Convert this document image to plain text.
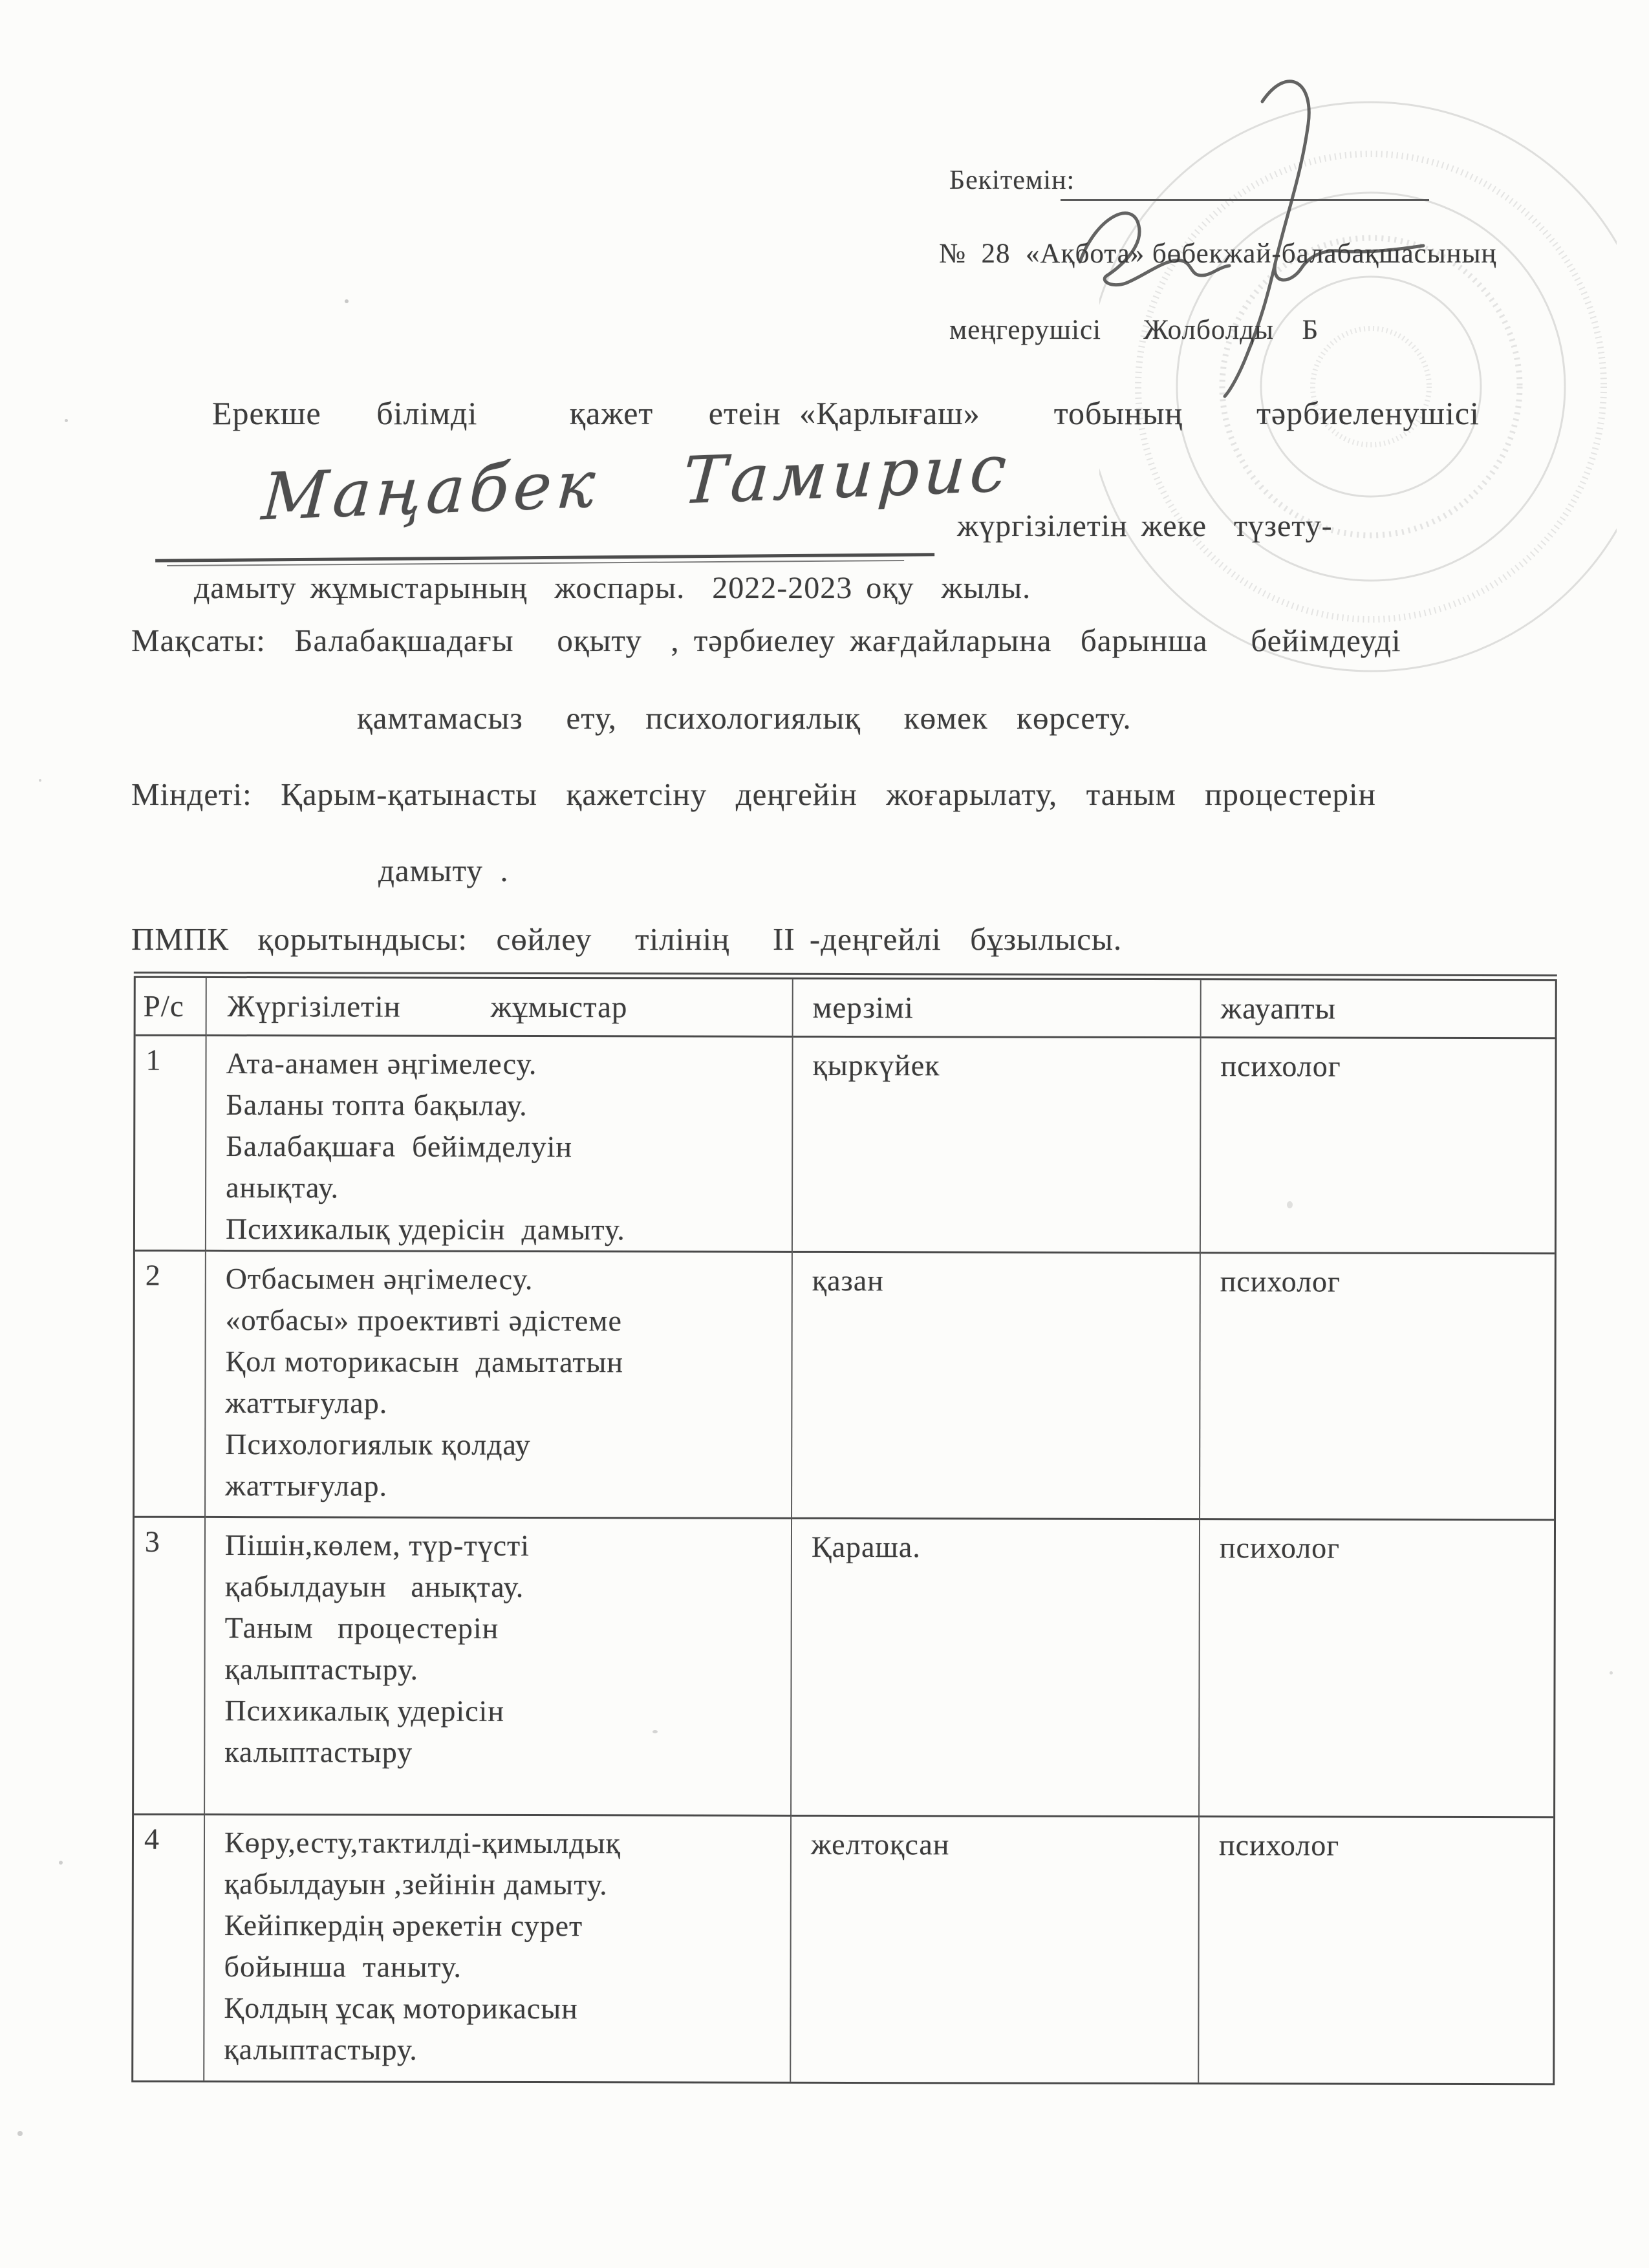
Бекітемін:
№  28  «Ақбота» бөбекжай-балабақшасының
меңгерушісі   Жолболды  Б
Ерекше   білімді     қажет   етеін «Қарлығаш»    тобының    тәрбиеленушісі
Маңабек  Тамирис
жүргізілетін жеке  түзету-
дамыту жұмыстарының  жоспары.  2022-2023 оқу  жылы.
Мақсаты:  Балабақшадағы   оқыту  , тәрбиелеу жағдайларына  барынша   бейімдеуді
қамтамасыз   ету,  психологиялық   көмек  көрсету.
Міндеті:  Қарым-қатынасты  қажетсіну  деңгейін  жоғарылату,  таным  процестерін
дамыту  .
ПМПК  қорытындысы:  сөйлеу   тілінің   II -деңгейлі  бұзылысы.
Р/с	Жүргізілетін    жұмыстар	мерзімі	жауапты
1	Ата-анамен әңгімелесу.
Баланы топта бақылау.
Балабақшаға  бейімделуін
анықтау.
Психикалық удерісін  дамыту.
қыркүйек	психолог
2	Отбасымен әңгімелесу.
«отбасы» проективті әдістеме
Қол моторикасын  дамытатын
жаттығулар.
Психологиялык қолдау
жаттығулар.
қазан	психолог
3	Пішін,көлем, түр-түсті
қабылдауын   анықтау.
Таным   процестерін
қалыптастыру.
Психикалық удерісін
калыптастыру
Қараша.	психолог
4	Көру,есту,тактилді-қимылдық
қабылдауын ,зейінін дамыту.
Кейіпкердің әрекетін сурет
бойынша  таныту.
Қолдың ұсақ моторикасын
қалыптастыру.
желтоқсан	психолог
